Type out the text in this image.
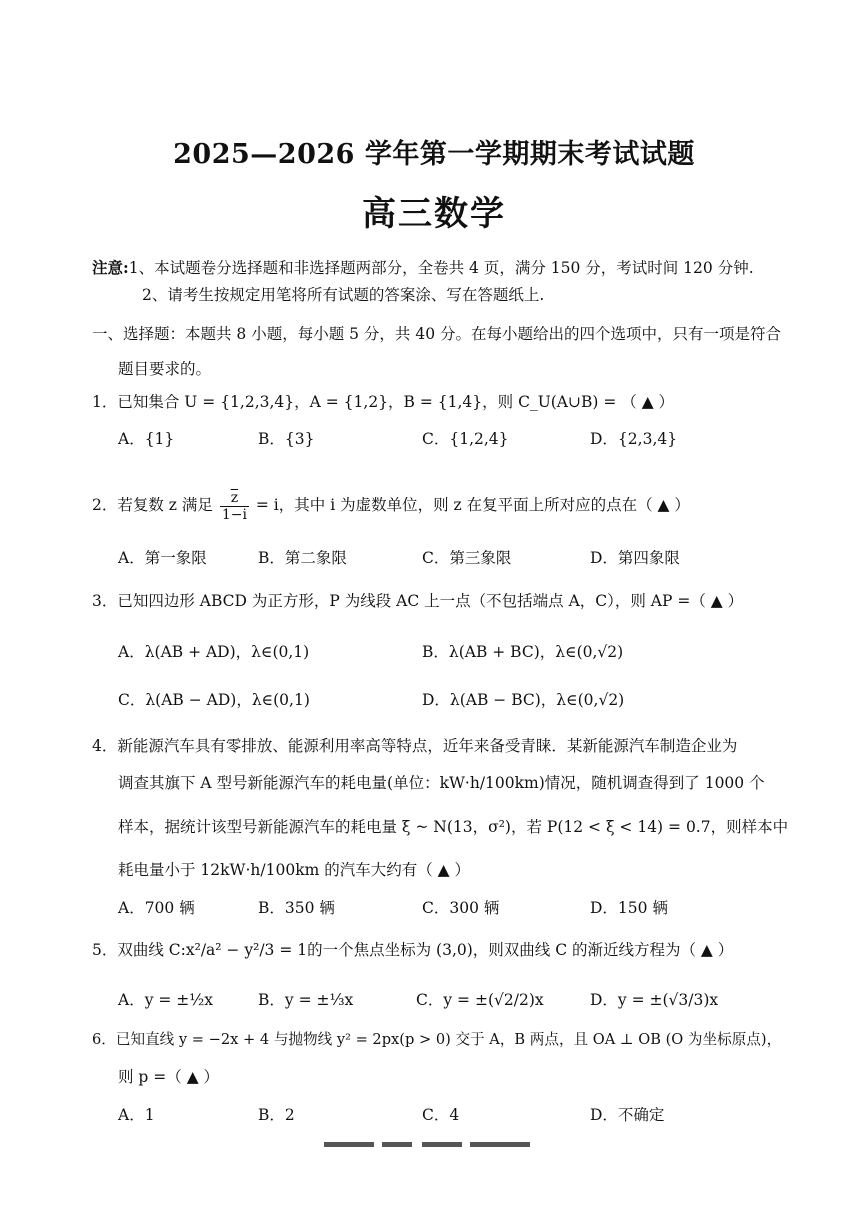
2025—2026 学年第一学期期末考试试题
高三数学
注意:1、本试题卷分选择题和非选择题两部分，全卷共 4 页，满分 150 分，考试时间 120 分钟.
2、请考生按规定用笔将所有试题的答案涂、写在答题纸上.
一、选择题：本题共 8 小题，每小题 5 分，共 40 分。在每小题给出的四个选项中，只有一项是符合
题目要求的。
1．已知集合 U = {1,2,3,4}，A = {1,2}，B = {1,4}，则 C_U(A∪B) = （ ▲ ）
A．{1}	B．{3}	C．{1,2,4}	D．{2,3,4}
2．若复数 z 满足 $\frac{\overline{z}}{1-i} = i$，其中 i 为虚数单位，则 z 在复平面上所对应的点在（ ▲ ）
A．第一象限	B．第二象限	C．第三象限	D．第四象限
3．已知四边形 ABCD 为正方形，P 为线段 AC 上一点（不包括端点 A，C），则 AP =（ ▲ ）
A．λ(AB + AD)，λ∈(0,1)	B．λ(AB + BC)，λ∈(0,√2)
C．λ(AB − AD)，λ∈(0,1)	D．λ(AB − BC)，λ∈(0,√2)
4．新能源汽车具有零排放、能源利用率高等特点，近年来备受青睐．某新能源汽车制造企业为
调查其旗下 A 型号新能源汽车的耗电量(单位：kW·h/100km)情况，随机调查得到了 1000 个
样本，据统计该型号新能源汽车的耗电量 ξ ~ N(13，σ²)，若 P(12 < ξ < 14) = 0.7，则样本中
耗电量小于 12kW·h/100km 的汽车大约有（ ▲ ）
A．700 辆	B．350 辆	C．300 辆	D．150 辆
5．双曲线 C:x²/a² − y²/3 = 1的一个焦点坐标为 (3,0)，则双曲线 C 的渐近线方程为（ ▲ ）
A．y = ±½x	B．y = ±⅓x	C．y = ±(√2/2)x	D．y = ±(√3/3)x
6．已知直线 y = −2x + 4 与抛物线 y² = 2px(p > 0) 交于 A，B 两点，且 OA ⊥ OB (O 为坐标原点)，
则 p =（ ▲ ）
A．1	B．2	C．4	D．不确定
